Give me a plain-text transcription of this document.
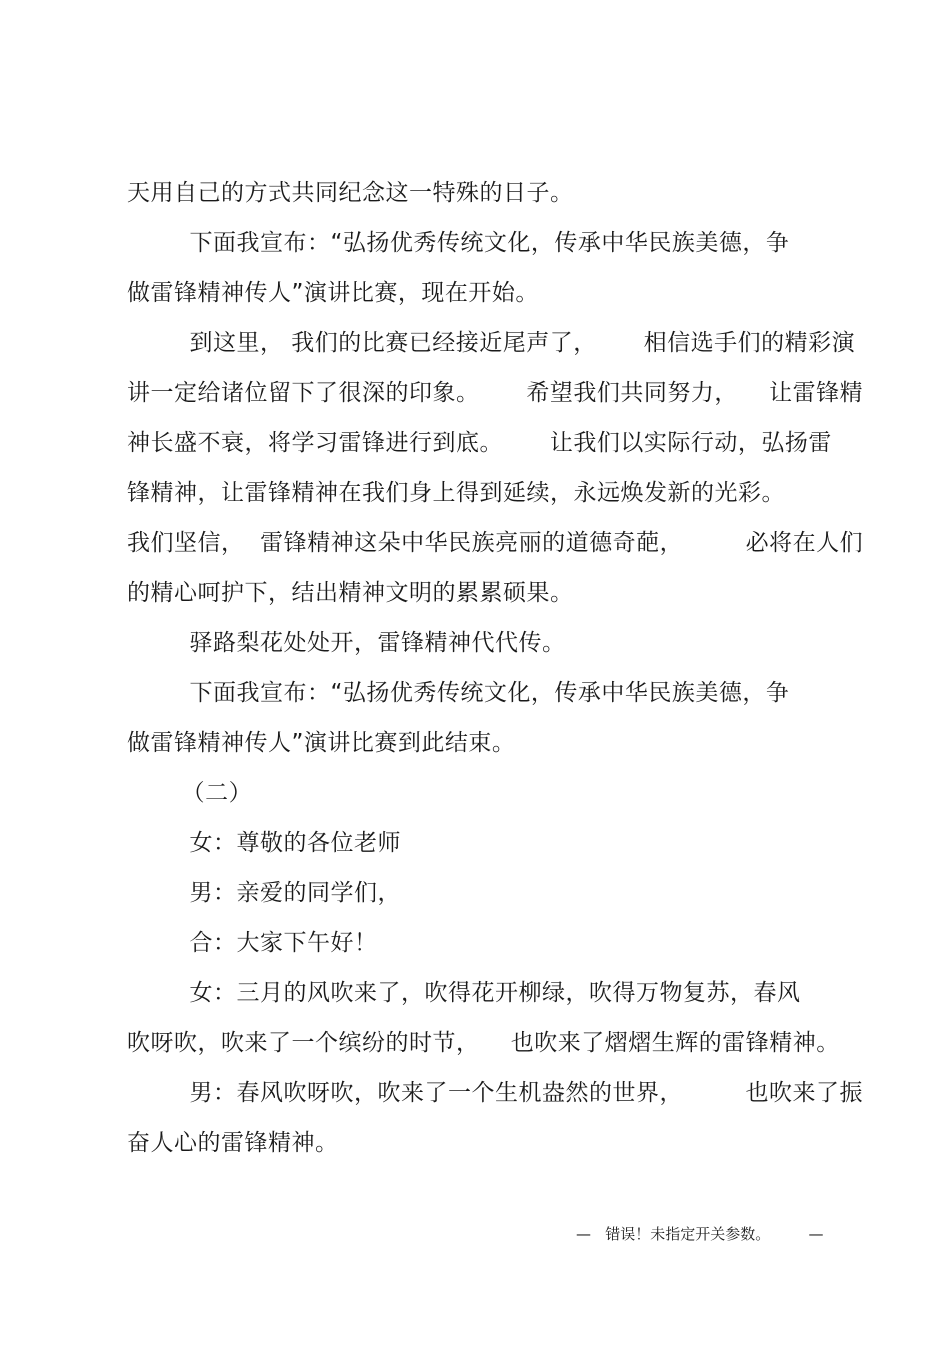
天用自己的方式共同纪念这一特殊的日子。
下面我宣布：“弘扬优秀传统文化，传承中华民族美德，争
做雷锋精神传人”演讲比赛，现在开始。
到这里， 我们的比赛已经接近尾声了，      相信选手们的精彩演
讲一定给诸位留下了很深的印象。      希望我们共同努力，    让雷锋精
神长盛不衰，将学习雷锋进行到底。      让我们以实际行动，弘扬雷
锋精神，让雷锋精神在我们身上得到延续，永远焕发新的光彩。
我们坚信，  雷锋精神这朵中华民族亮丽的道德奇葩，        必将在人们
的精心呵护下，结出精神文明的累累硕果。
驿路梨花处处开，雷锋精神代代传。
下面我宣布：“弘扬优秀传统文化，传承中华民族美德，争
做雷锋精神传人”演讲比赛到此结束。
（二）
女：尊敬的各位老师
男：亲爱的同学们，
合：大家下午好！
女：三月的风吹来了，吹得花开柳绿，吹得万物复苏，春风
吹呀吹，吹来了一个缤纷的时节，    也吹来了熠熠生辉的雷锋精神。
男：春风吹呀吹，吹来了一个生机盎然的世界，        也吹来了振
奋人心的雷锋精神。
—   错误！未指定开关参数。        —
